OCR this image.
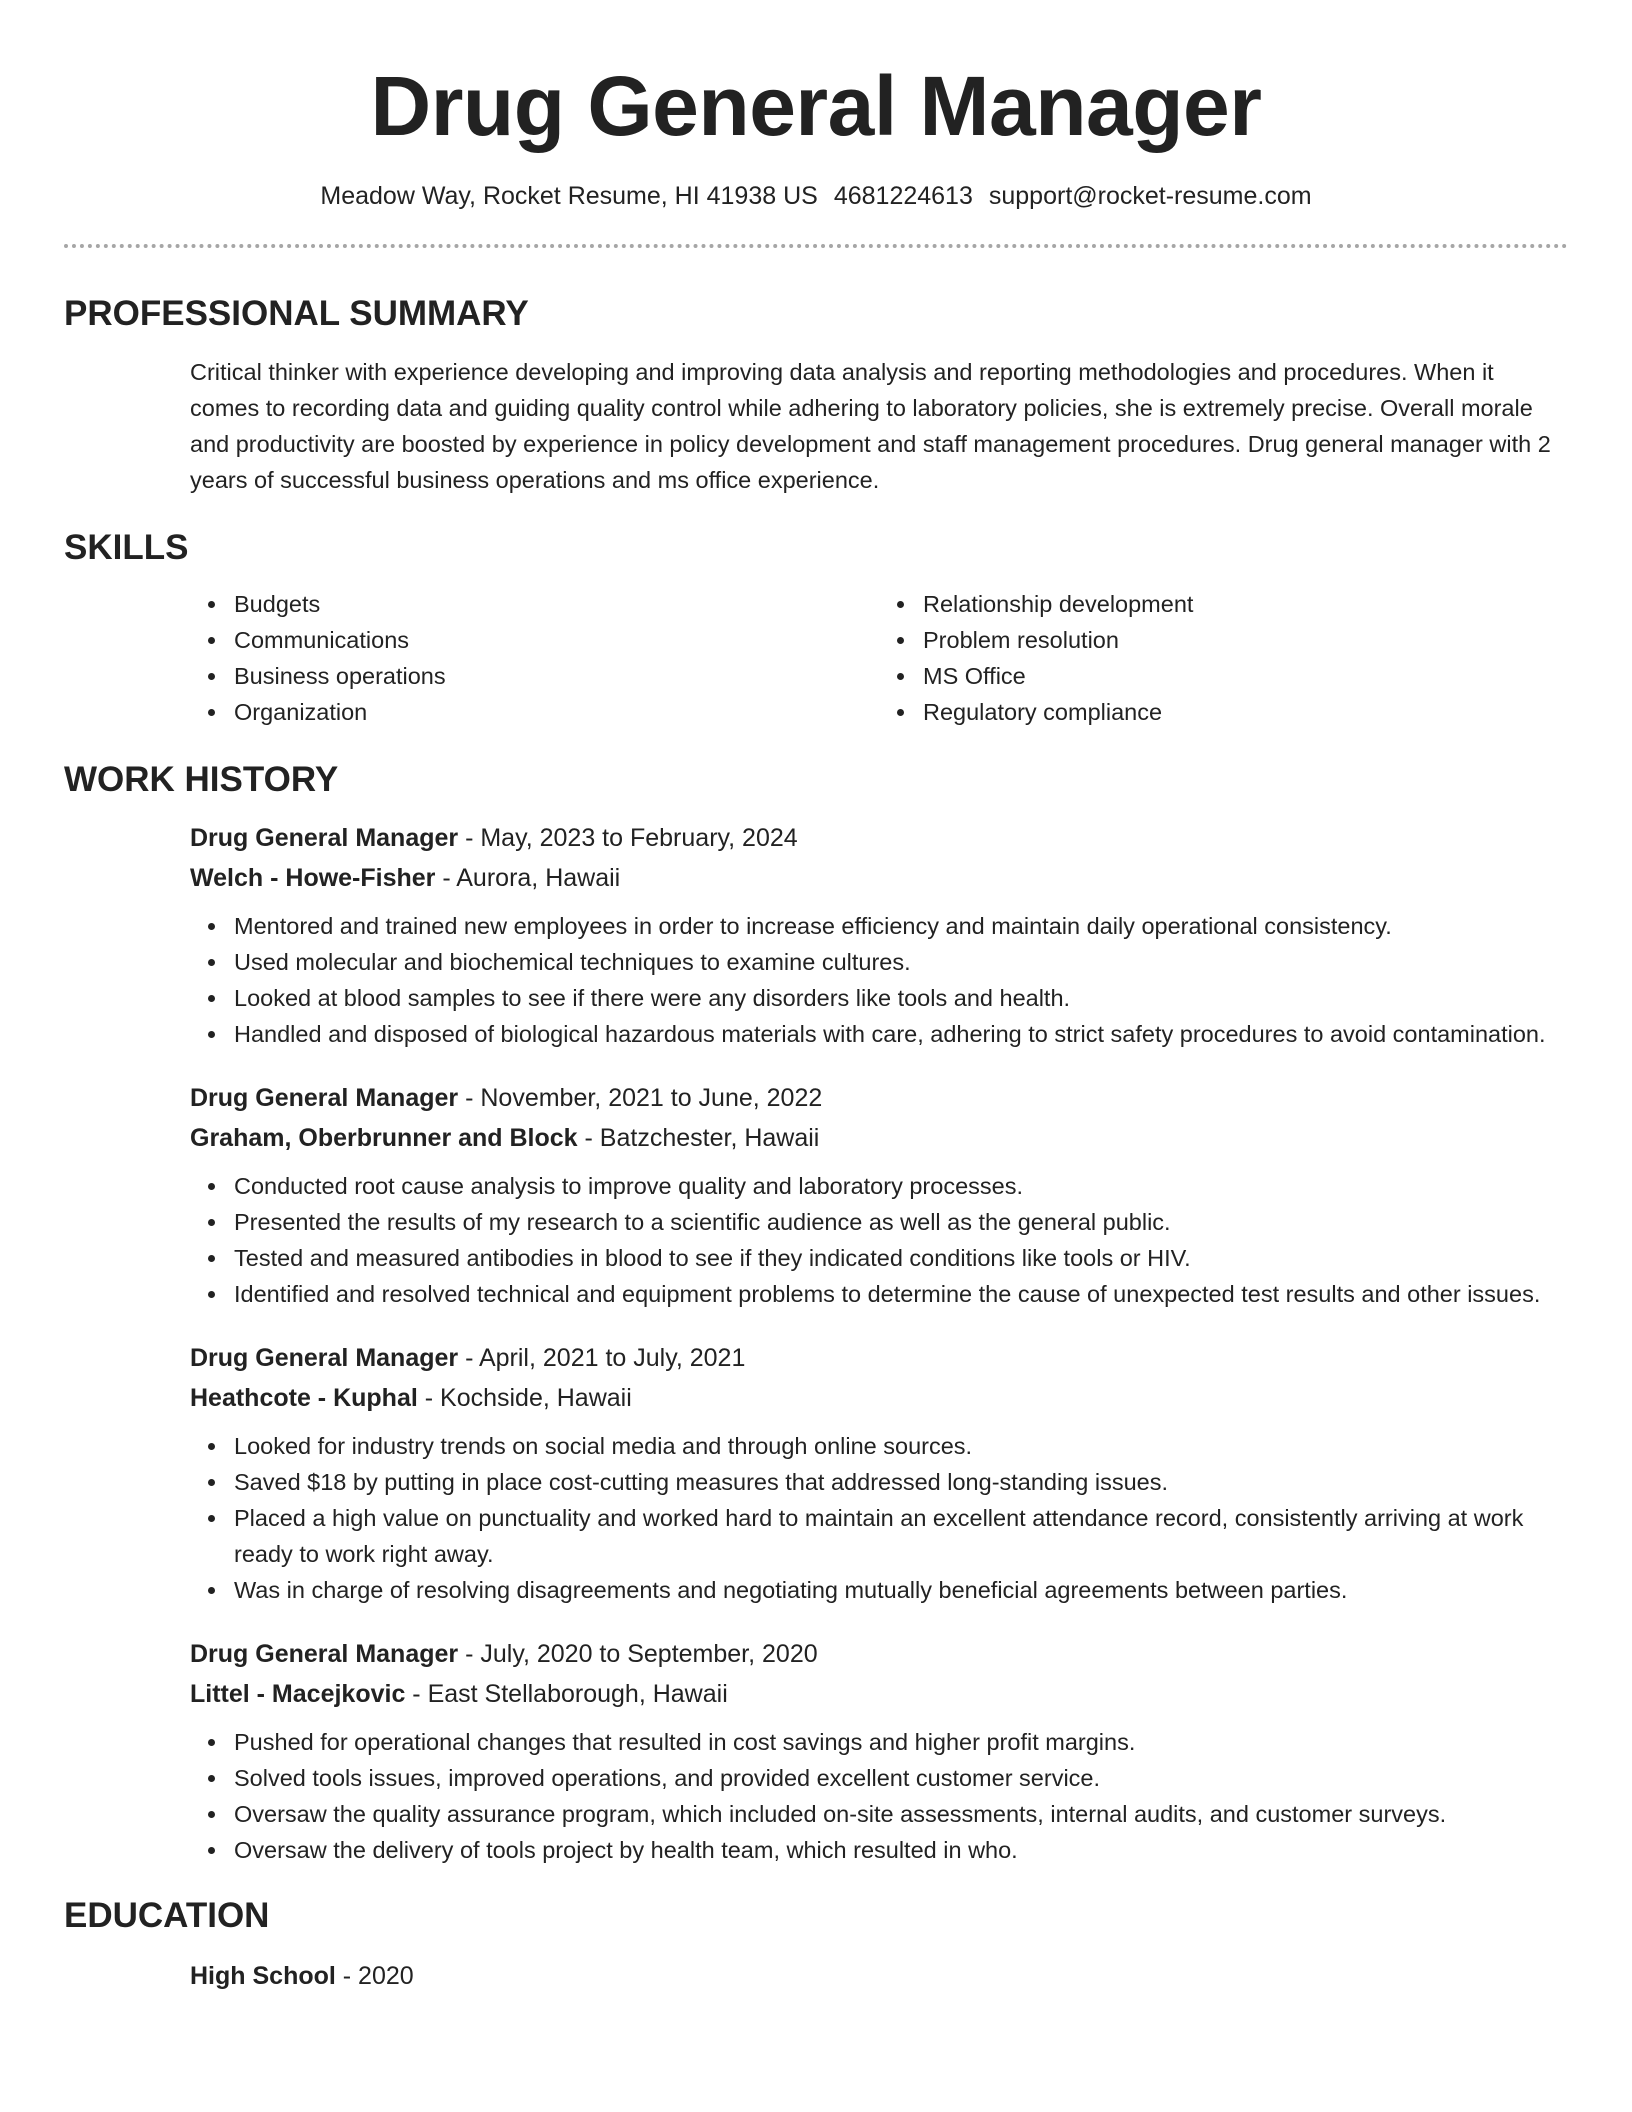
Drug General Manager
Meadow Way, Rocket Resume, HI 41938 US 4681224613 support@rocket-resume.com
PROFESSIONAL SUMMARY

Critical thinker with experience developing and improving data analysis and reporting methodologies and procedures. When it comes to recording data and guiding quality control while adhering to laboratory policies, she is extremely precise. Overall morale and productivity are boosted by experience in policy development and staff management procedures. Drug general manager with 2 years of successful business operations and ms office experience.

SKILLS
Budgets
Communications
Business operations
Organization
Relationship development
Problem resolution
MS Office
Regulatory compliance
WORK HISTORY
Drug General Manager - May, 2023 to February, 2024
Welch - Howe-Fisher - Aurora, Hawaii
Mentored and trained new employees in order to increase efficiency and maintain daily operational consistency.
Used molecular and biochemical techniques to examine cultures.
Looked at blood samples to see if there were any disorders like tools and health.
Handled and disposed of biological hazardous materials with care, adhering to strict safety procedures to avoid contamination.
Drug General Manager - November, 2021 to June, 2022
Graham, Oberbrunner and Block - Batzchester, Hawaii
Conducted root cause analysis to improve quality and laboratory processes.
Presented the results of my research to a scientific audience as well as the general public.
Tested and measured antibodies in blood to see if they indicated conditions like tools or HIV.
Identified and resolved technical and equipment problems to determine the cause of unexpected test results and other issues.
Drug General Manager - April, 2021 to July, 2021
Heathcote - Kuphal - Kochside, Hawaii
Looked for industry trends on social media and through online sources.
Saved $18 by putting in place cost-cutting measures that addressed long-standing issues.
Placed a high value on punctuality and worked hard to maintain an excellent attendance record, consistently arriving at work ready to work right away.
Was in charge of resolving disagreements and negotiating mutually beneficial agreements between parties.
Drug General Manager - July, 2020 to September, 2020
Littel - Macejkovic - East Stellaborough, Hawaii
Pushed for operational changes that resulted in cost savings and higher profit margins.
Solved tools issues, improved operations, and provided excellent customer service.
Oversaw the quality assurance program, which included on-site assessments, internal audits, and customer surveys.
Oversaw the delivery of tools project by health team, which resulted in who.
EDUCATION
High School - 2020
